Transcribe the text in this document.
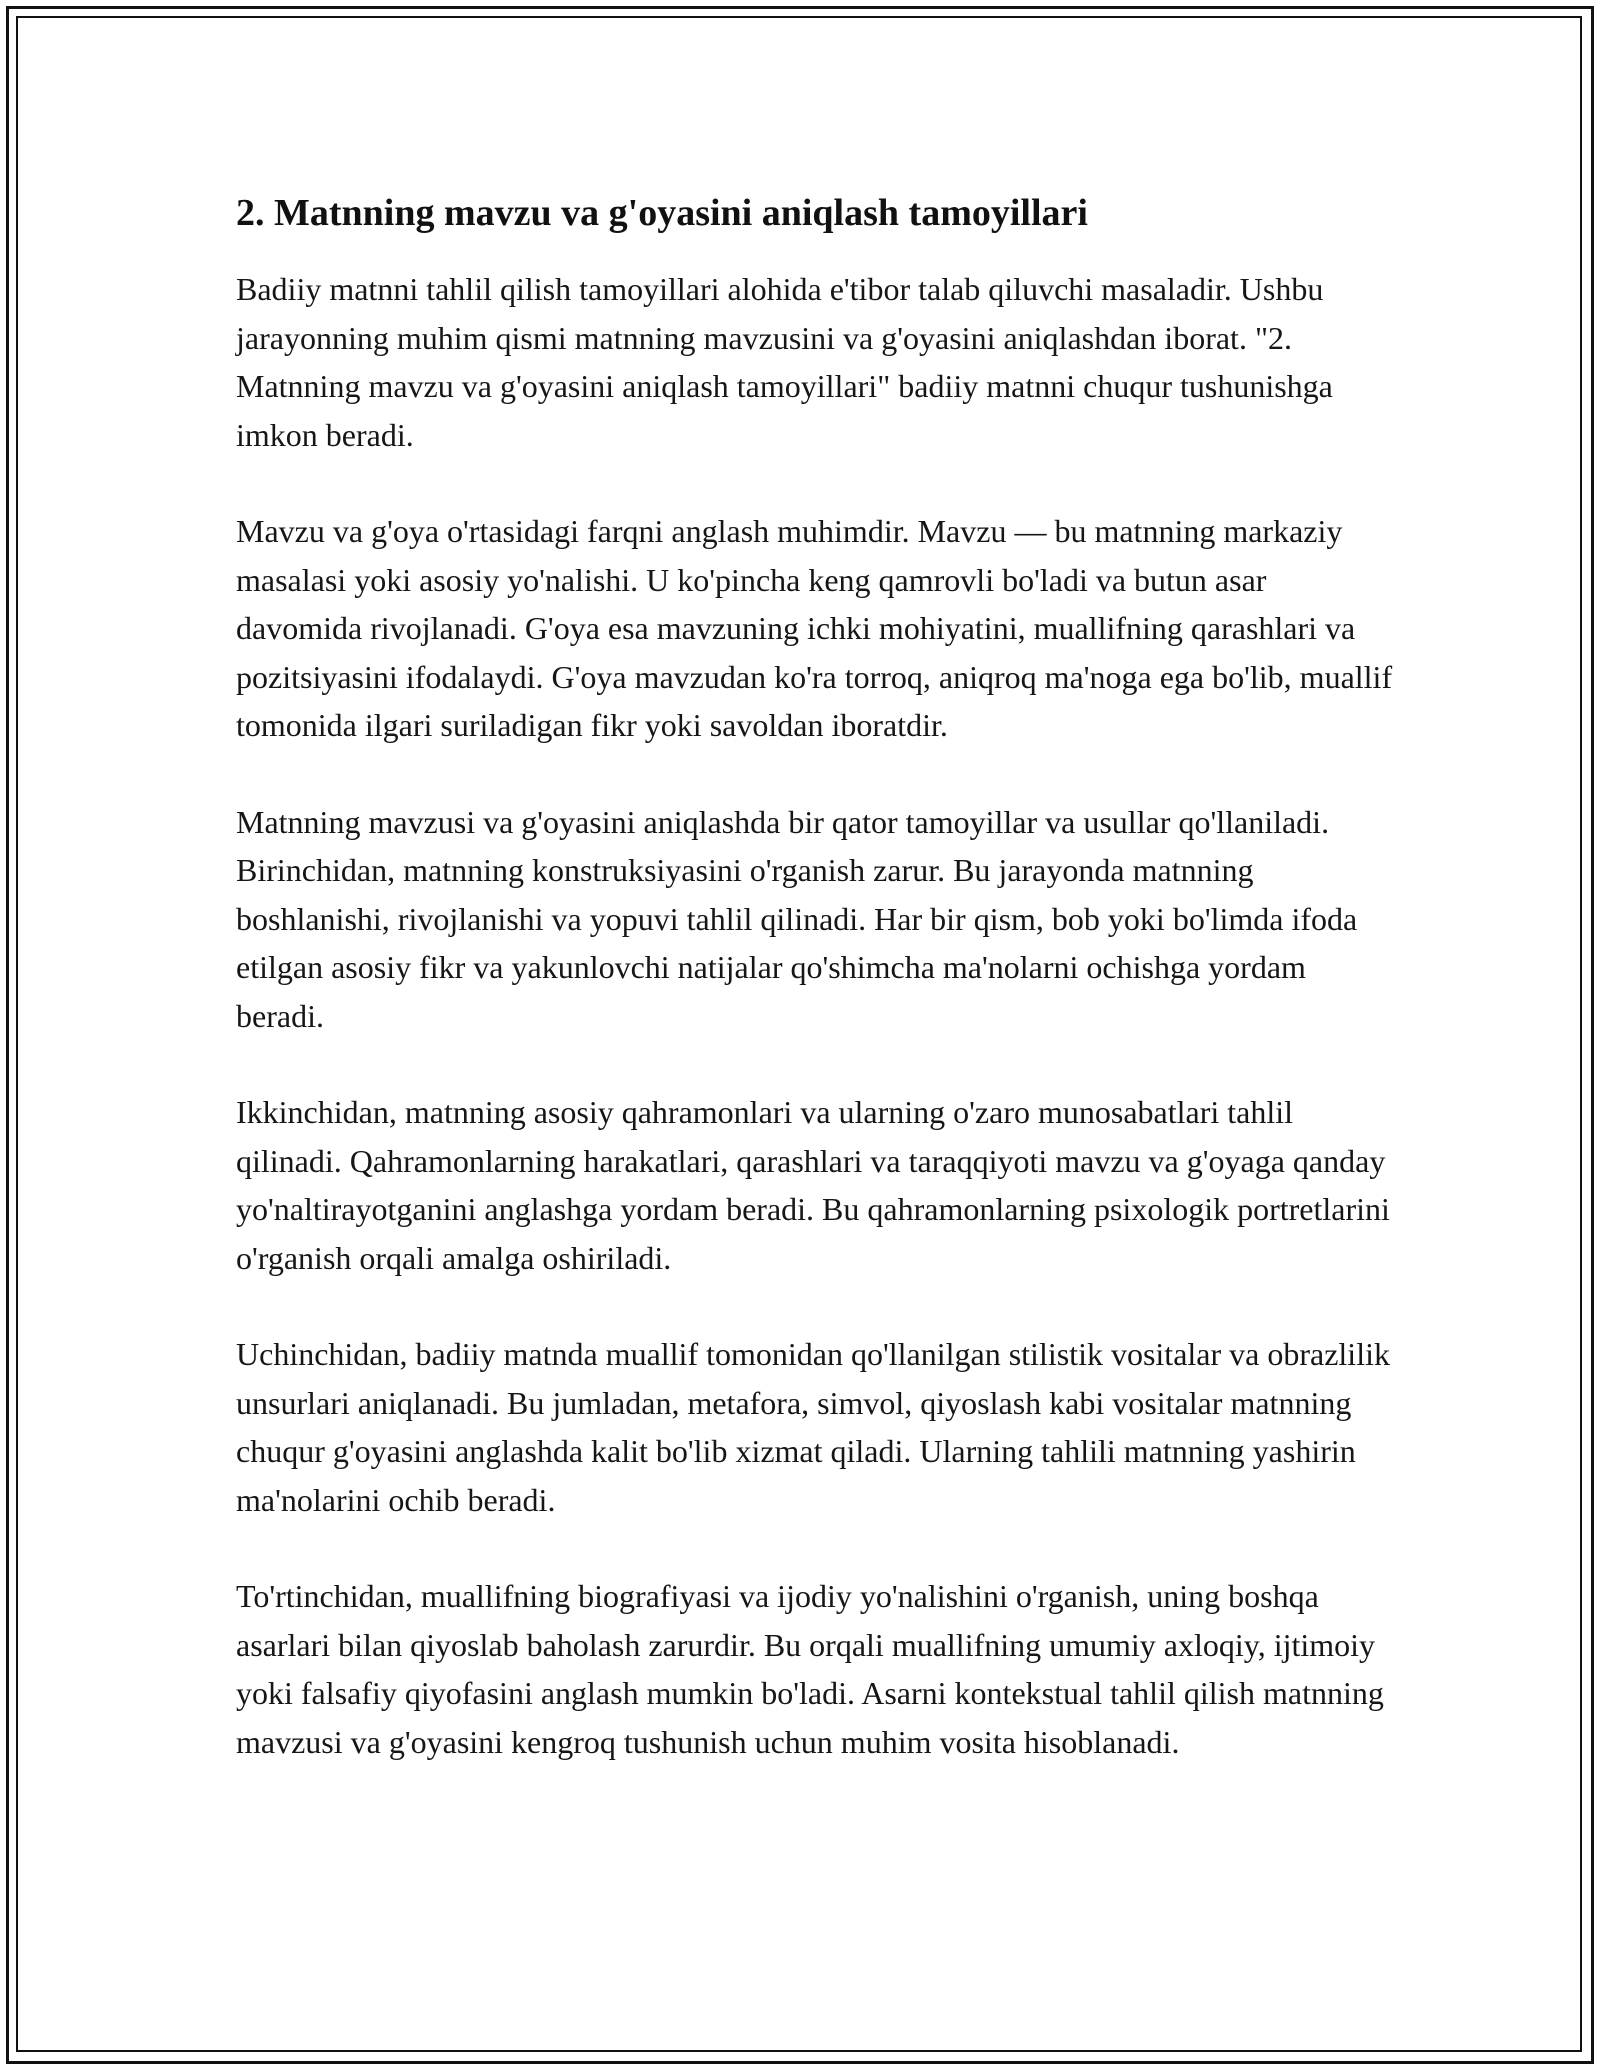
2. Matnning mavzu va g'oyasini aniqlash tamoyillari

Badiiy matnni tahlil qilish tamoyillari alohida e'tibor talab qiluvchi masaladir. Ushbu jarayonning muhim qismi matnning mavzusini va g'oyasini aniqlashdan iborat. "2. Matnning mavzu va g'oyasini aniqlash tamoyillari" badiiy matnni chuqur tushunishga imkon beradi.

Mavzu va g'oya o'rtasidagi farqni anglash muhimdir. Mavzu — bu matnning markaziy masalasi yoki asosiy yo'nalishi. U ko'pincha keng qamrovli bo'ladi va butun asar davomida rivojlanadi. G'oya esa mavzuning ichki mohiyatini, muallifning qarashlari va pozitsiyasini ifodalaydi. G'oya mavzudan ko'ra torroq, aniqroq ma'noga ega bo'lib, muallif tomonida ilgari suriladigan fikr yoki savoldan iboratdir.

Matnning mavzusi va g'oyasini aniqlashda bir qator tamoyillar va usullar qo'llaniladi. Birinchidan, matnning konstruksiyasini o'rganish zarur. Bu jarayonda matnning boshlanishi, rivojlanishi va yopuvi tahlil qilinadi. Har bir qism, bob yoki bo'limda ifoda etilgan asosiy fikr va yakunlovchi natijalar qo'shimcha ma'nolarni ochishga yordam beradi.

Ikkinchidan, matnning asosiy qahramonlari va ularning o'zaro munosabatlari tahlil qilinadi. Qahramonlarning harakatlari, qarashlari va taraqqiyoti mavzu va g'oyaga qanday yo'naltirayotganini anglashga yordam beradi. Bu qahramonlarning psixologik portretlarini o'rganish orqali amalga oshiriladi.

Uchinchidan, badiiy matnda muallif tomonidan qo'llanilgan stilistik vositalar va obrazlilik unsurlari aniqlanadi. Bu jumladan, metafora, simvol, qiyoslash kabi vositalar matnning chuqur g'oyasini anglashda kalit bo'lib xizmat qiladi. Ularning tahlili matnning yashirin ma'nolarini ochib beradi.

To'rtinchidan, muallifning biografiyasi va ijodiy yo'nalishini o'rganish, uning boshqa asarlari bilan qiyoslab baholash zarurdir. Bu orqali muallifning umumiy axloqiy, ijtimoiy yoki falsafiy qiyofasini anglash mumkin bo'ladi. Asarni kontekstual tahlil qilish matnning mavzusi va g'oyasini kengroq tushunish uchun muhim vosita hisoblanadi.
